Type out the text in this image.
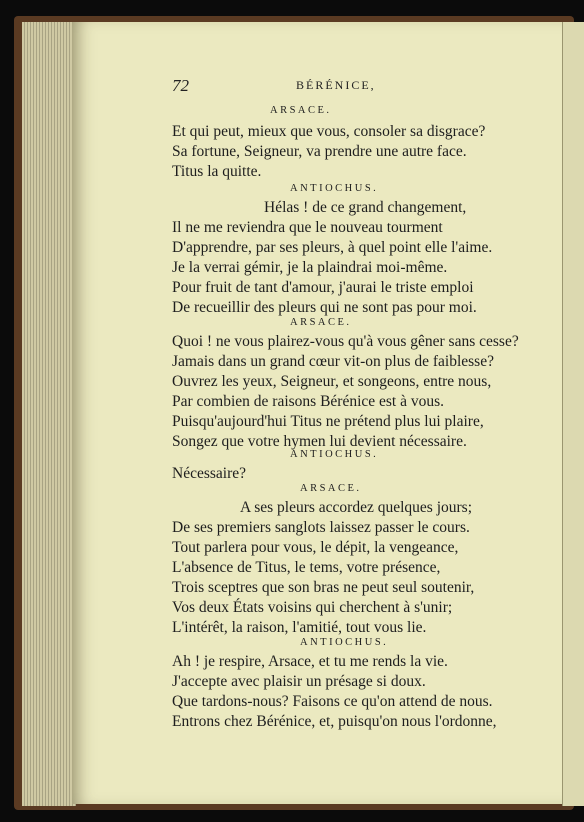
72	BÉRÉNICE,
ARSACE.
Et qui peut, mieux que vous, consoler sa disgrace?
Sa fortune, Seigneur, va prendre une autre face.
Titus la quitte.
ANTIOCHUS.
Hélas ! de ce grand changement,
Il ne me reviendra que le nouveau tourment
D'apprendre, par ses pleurs, à quel point elle l'aime.
Je la verrai gémir, je la plaindrai moi-même.
Pour fruit de tant d'amour, j'aurai le triste emploi
De recueillir des pleurs qui ne sont pas pour moi.
ARSACE.
Quoi ! ne vous plairez-vous qu'à vous gêner sans cesse?
Jamais dans un grand cœur vit-on plus de faiblesse?
Ouvrez les yeux, Seigneur, et songeons, entre nous,
Par combien de raisons Bérénice est à vous.
Puisqu'aujourd'hui Titus ne prétend plus lui plaire,
Songez que votre hymen lui devient nécessaire.
ANTIOCHUS.
Nécessaire?
ARSACE.
A ses pleurs accordez quelques jours;
De ses premiers sanglots laissez passer le cours.
Tout parlera pour vous, le dépit, la vengeance,
L'absence de Titus, le tems, votre présence,
Trois sceptres que son bras ne peut seul soutenir,
Vos deux États voisins qui cherchent à s'unir;
L'intérêt, la raison, l'amitié, tout vous lie.
ANTIOCHUS.
Ah ! je respire, Arsace, et tu me rends la vie.
J'accepte avec plaisir un présage si doux.
Que tardons-nous? Faisons ce qu'on attend de nous.
Entrons chez Bérénice, et, puisqu'on nous l'ordonne,
